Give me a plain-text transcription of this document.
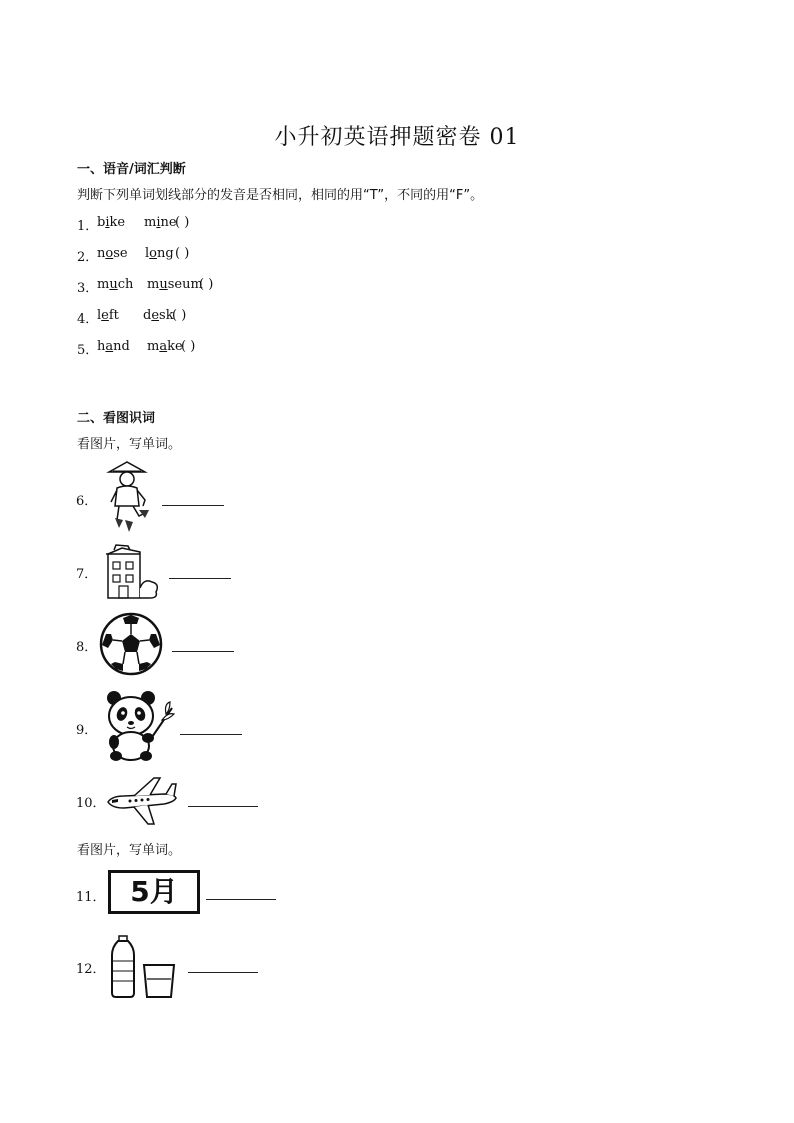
小升初英语押题密卷 01
一、语音/词汇判断
判断下列单词划线部分的发音是否相同，相同的用“T”，不同的用“F”。
1．
bike mine
( )
2．
nose long ( )
3．
much museum
( )
4．
left desk
( )
5．
hand make
( )
二、看图识词
看图片，写单词。
6．
7．
8．
9．
10．
看图片，写单词。
11． 5月
12．
